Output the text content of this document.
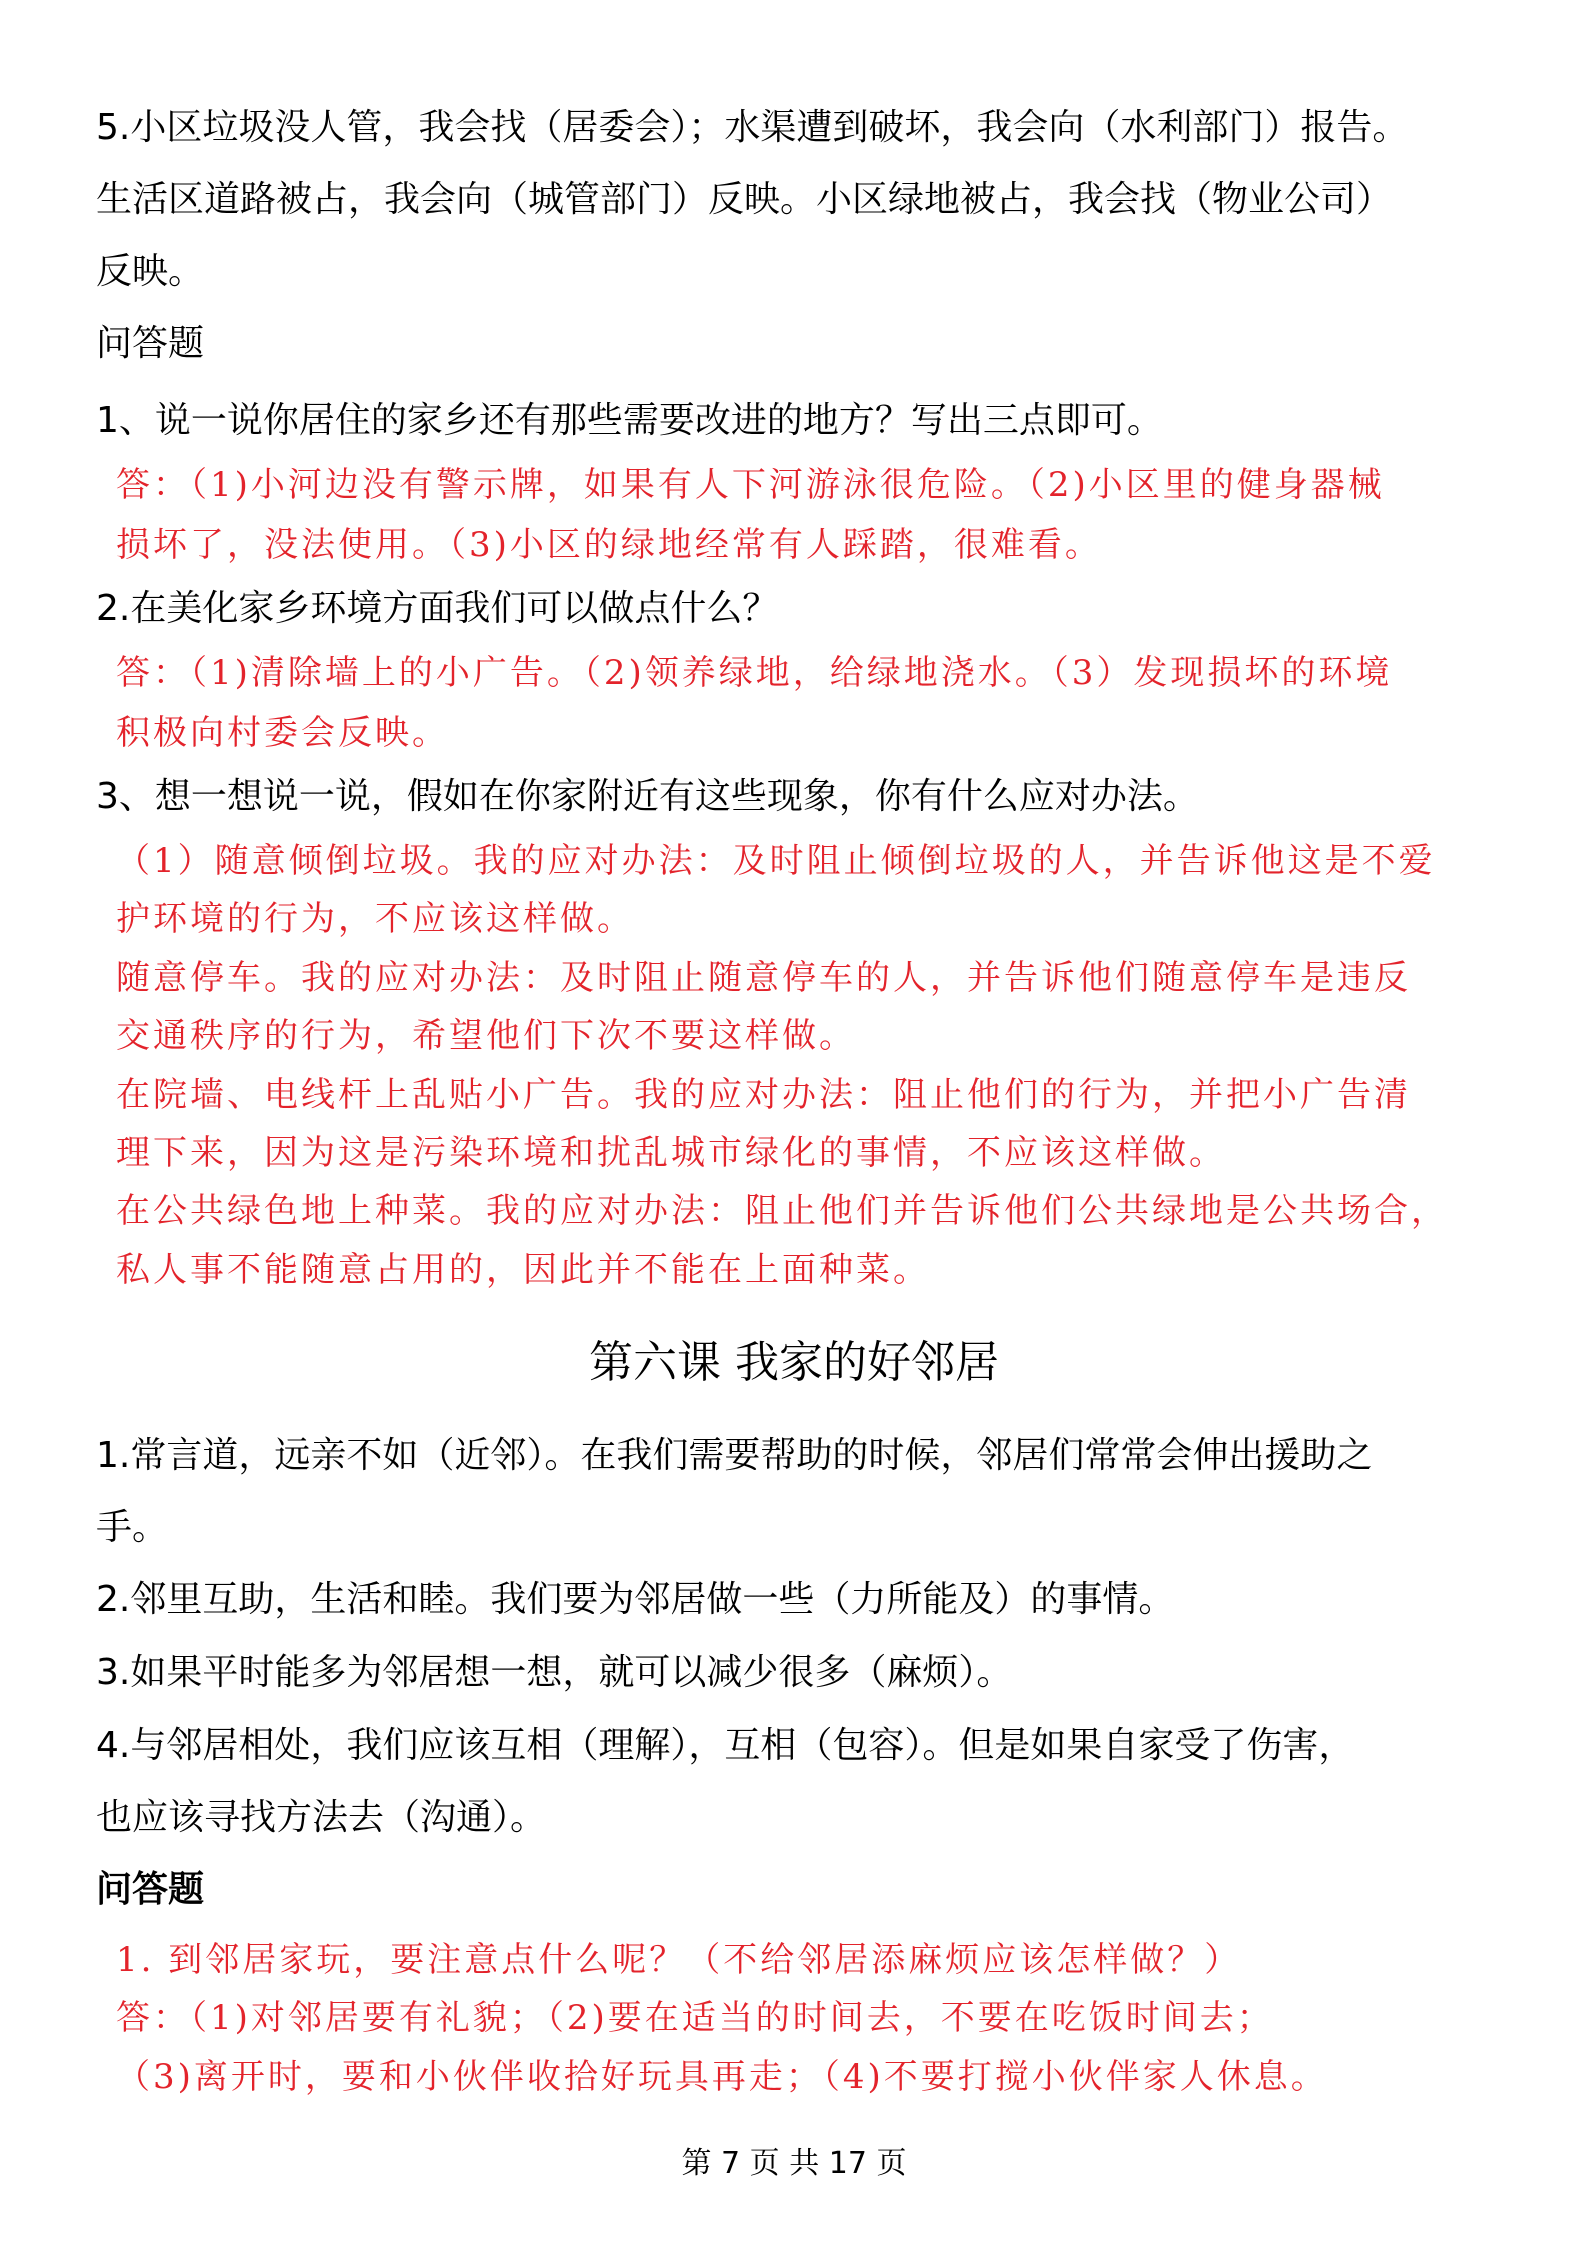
5.小区垃圾没人管，我会找（居委会）；水渠遭到破坏，我会向（水利部门）报告。
生活区道路被占，我会向（城管部门）反映。小区绿地被占，我会找（物业公司）
反映。
问答题
1、说一说你居住的家乡还有那些需要改进的地方？写出三点即可。
答：（1)小河边没有警示牌，如果有人下河游泳很危险。（2)小区里的健身器械
损坏了，没法使用。（3)小区的绿地经常有人踩踏，很难看。
2.在美化家乡环境方面我们可以做点什么？
答：（1)清除墙上的小广告。（2)领养绿地，给绿地浇水。（3）发现损坏的环境
积极向村委会反映。
3、想一想说一说，假如在你家附近有这些现象，你有什么应对办法。
（1）随意倾倒垃圾。我的应对办法：及时阻止倾倒垃圾的人，并告诉他这是不爱
护环境的行为，不应该这样做。
随意停车。我的应对办法：及时阻止随意停车的人，并告诉他们随意停车是违反
交通秩序的行为，希望他们下次不要这样做。
在院墙、电线杆上乱贴小广告。我的应对办法：阻止他们的行为，并把小广告清
理下来，因为这是污染环境和扰乱城市绿化的事情，不应该这样做。
在公共绿色地上种菜。我的应对办法：阻止他们并告诉他们公共绿地是公共场合，
私人事不能随意占用的，因此并不能在上面种菜。
第六课 我家的好邻居
1.常言道，远亲不如（近邻）。在我们需要帮助的时候，邻居们常常会伸出援助之
手。
2.邻里互助，生活和睦。我们要为邻居做一些（力所能及）的事情。
3.如果平时能多为邻居想一想，就可以减少很多（麻烦）。
4.与邻居相处，我们应该互相（理解），互相（包容）。但是如果自家受了伤害，
也应该寻找方法去（沟通）。
问答题
1. 到邻居家玩，要注意点什么呢？（不给邻居添麻烦应该怎样做？）
答：（1)对邻居要有礼貌；（2)要在适当的时间去，不要在吃饭时间去；
（3)离开时，要和小伙伴收拾好玩具再走；（4)不要打搅小伙伴家人休息。
第 7 页 共 17 页
